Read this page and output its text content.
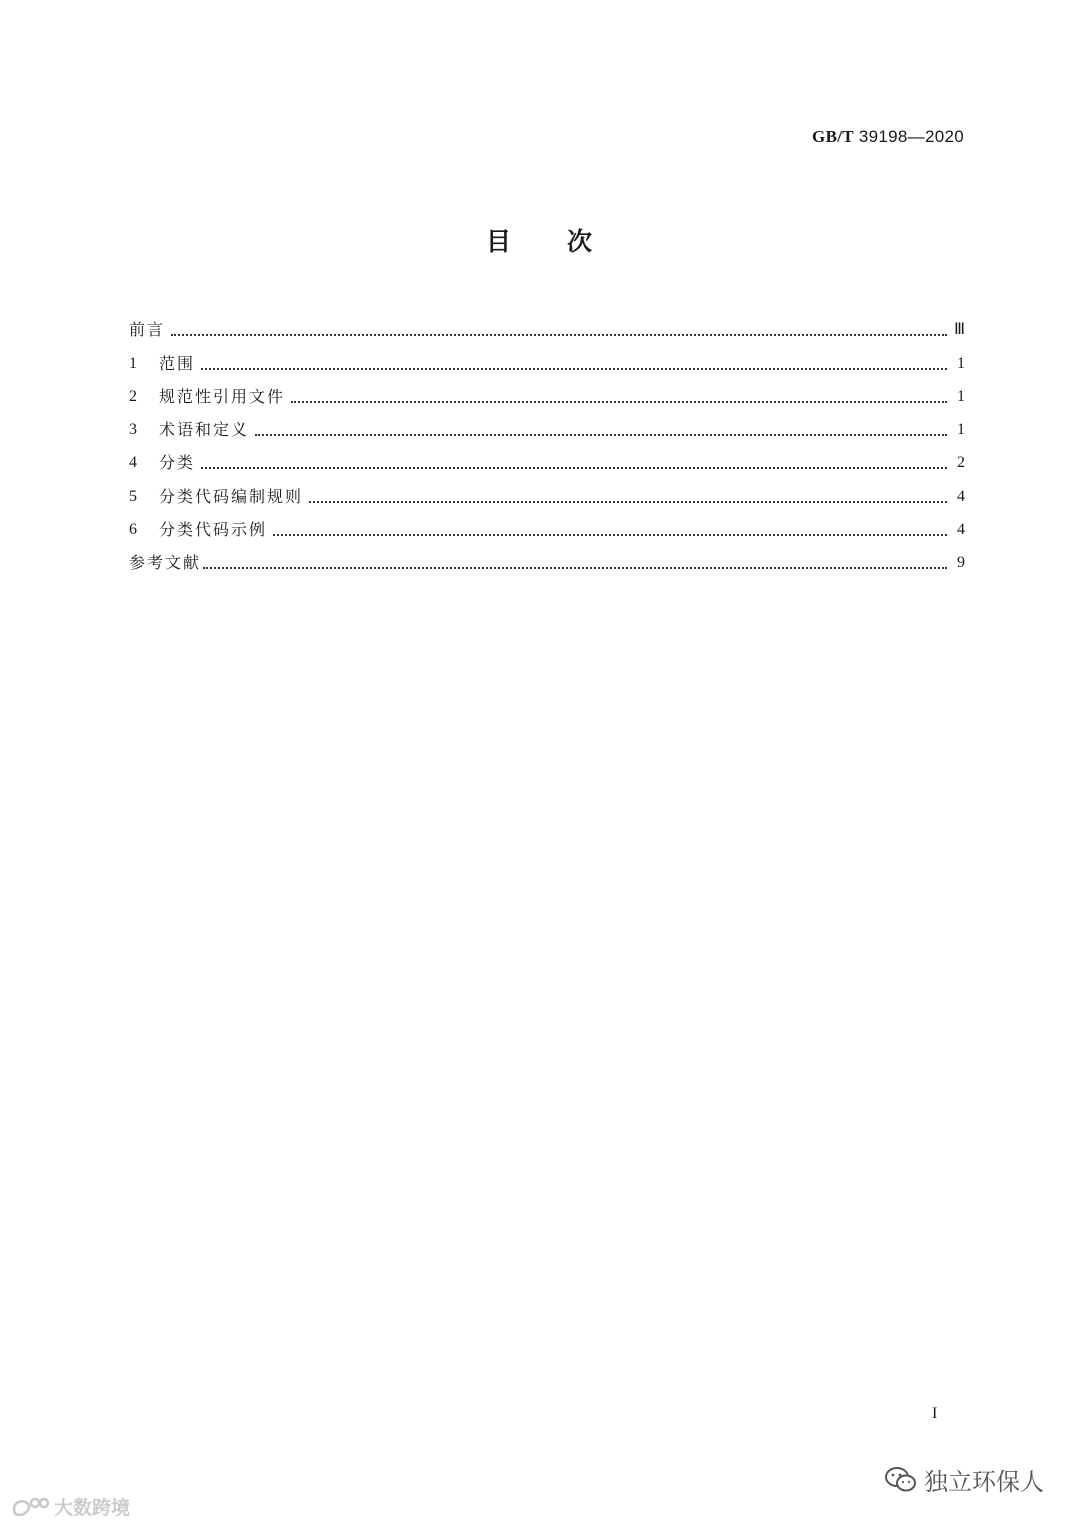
GB/T 39198—2020
目 次
前言	Ⅲ
1	范围	1
2	规范性引用文件	1
3	术语和定义	1
4	分类	2
5	分类代码编制规则	4
6	分类代码示例	4
参考文献	9
I
独立环保人
大数跨境
